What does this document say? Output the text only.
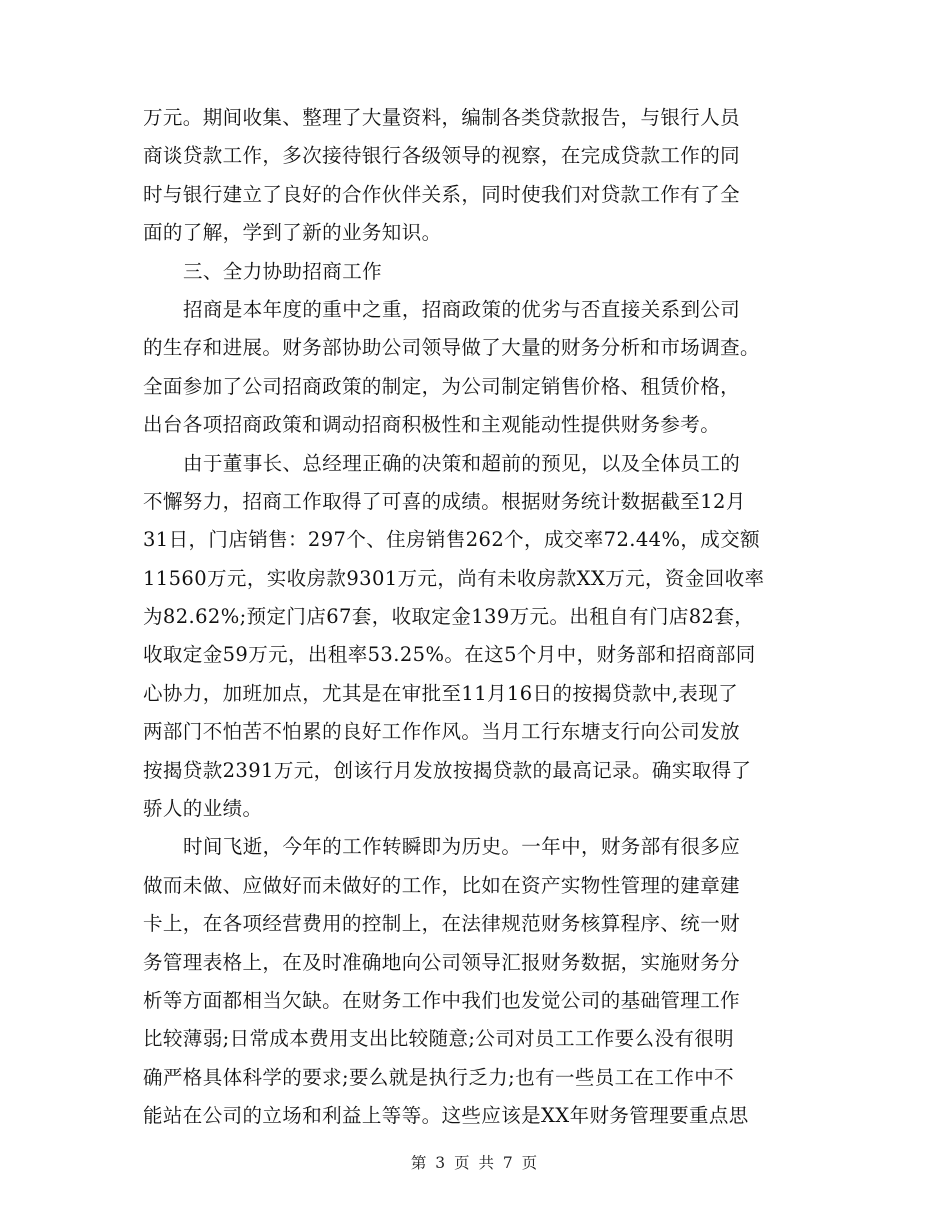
万元。期间收集、整理了大量资料，编制各类贷款报告，与银行人员
商谈贷款工作，多次接待银行各级领导的视察，在完成贷款工作的同
时与银行建立了良好的合作伙伴关系，同时使我们对贷款工作有了全
面的了解，学到了新的业务知识。
三、全力协助招商工作
招商是本年度的重中之重，招商政策的优劣与否直接关系到公司
的生存和进展。财务部协助公司领导做了大量的财务分析和市场调查。
全面参加了公司招商政策的制定，为公司制定销售价格、租赁价格，
出台各项招商政策和调动招商积极性和主观能动性提供财务参考。
由于董事长、总经理正确的决策和超前的预见，以及全体员工的
不懈努力，招商工作取得了可喜的成绩。根据财务统计数据截至12月
31日，门店销售：297个、住房销售262个，成交率72.44%，成交额
11560万元，实收房款9301万元，尚有未收房款XX万元，资金回收率
为82.62%;预定门店67套，收取定金139万元。出租自有门店82套，
收取定金59万元，出租率53.25%。在这5个月中，财务部和招商部同
心协力，加班加点，尤其是在审批至11月16日的按揭贷款中,表现了
两部门不怕苦不怕累的良好工作作风。当月工行东塘支行向公司发放
按揭贷款2391万元，创该行月发放按揭贷款的最高记录。确实取得了
骄人的业绩。
时间飞逝，今年的工作转瞬即为历史。一年中，财务部有很多应
做而未做、应做好而未做好的工作，比如在资产实物性管理的建章建
卡上，在各项经营费用的控制上，在法律规范财务核算程序、统一财
务管理表格上，在及时准确地向公司领导汇报财务数据，实施财务分
析等方面都相当欠缺。在财务工作中我们也发觉公司的基础管理工作
比较薄弱;日常成本费用支出比较随意;公司对员工工作要么没有很明
确严格具体科学的要求;要么就是执行乏力;也有一些员工在工作中不
能站在公司的立场和利益上等等。这些应该是XX年财务管理要重点思
第 3 页 共 7 页
